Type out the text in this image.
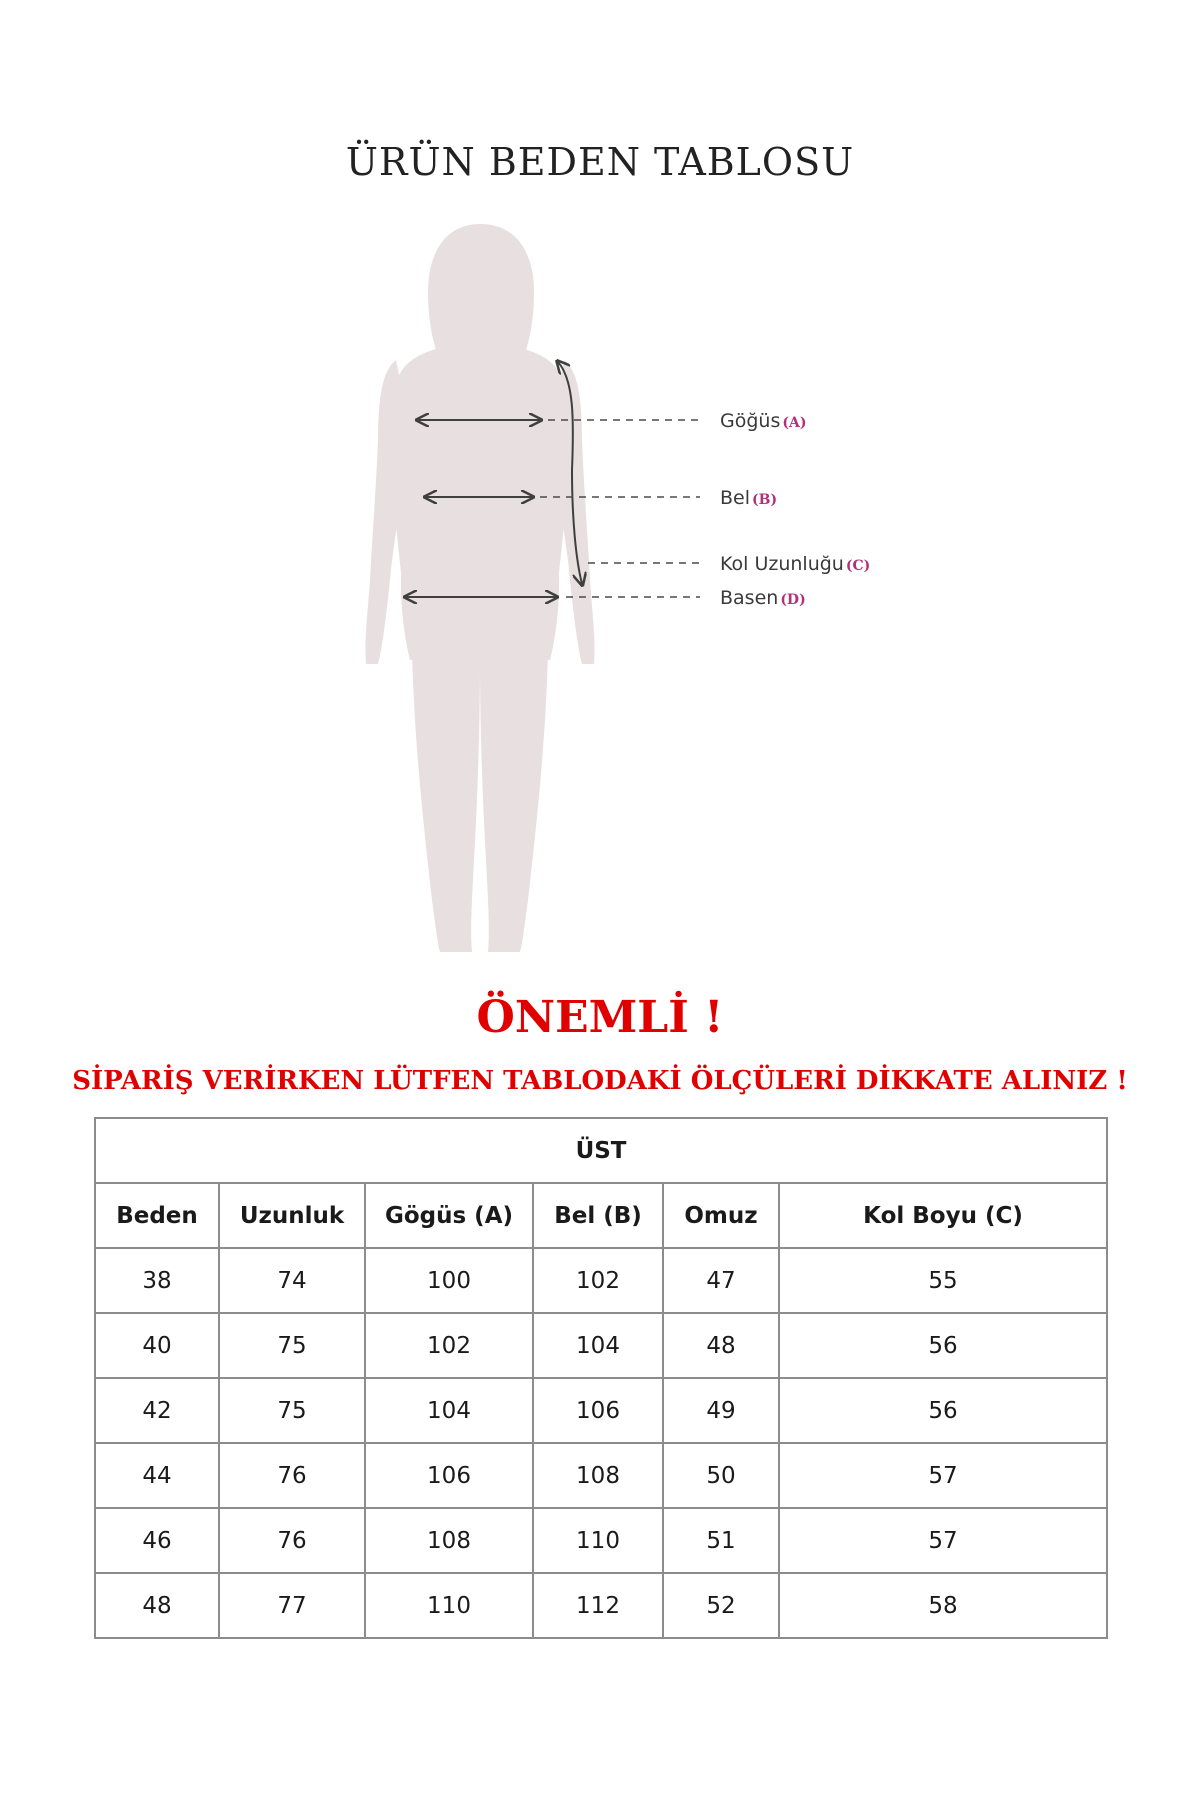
ÜRÜN BEDEN TABLOSU
Göğüs (A)
Bel (B)
Kol Uzunluğu (C)
Basen (D)
ÖNEMLİ !
SİPARİŞ VERİRKEN LÜTFEN TABLODAKİ ÖLÇÜLERİ DİKKATE ALINIZ !
ÜST					
Beden	Uzunluk	Gögüs (A)	Bel (B)	Omuz	Kol Boyu (C)
38	74	100	102	47	55
40	75	102	104	48	56
42	75	104	106	49	56
44	76	106	108	50	57
46	76	108	110	51	57
48	77	110	112	52	58
